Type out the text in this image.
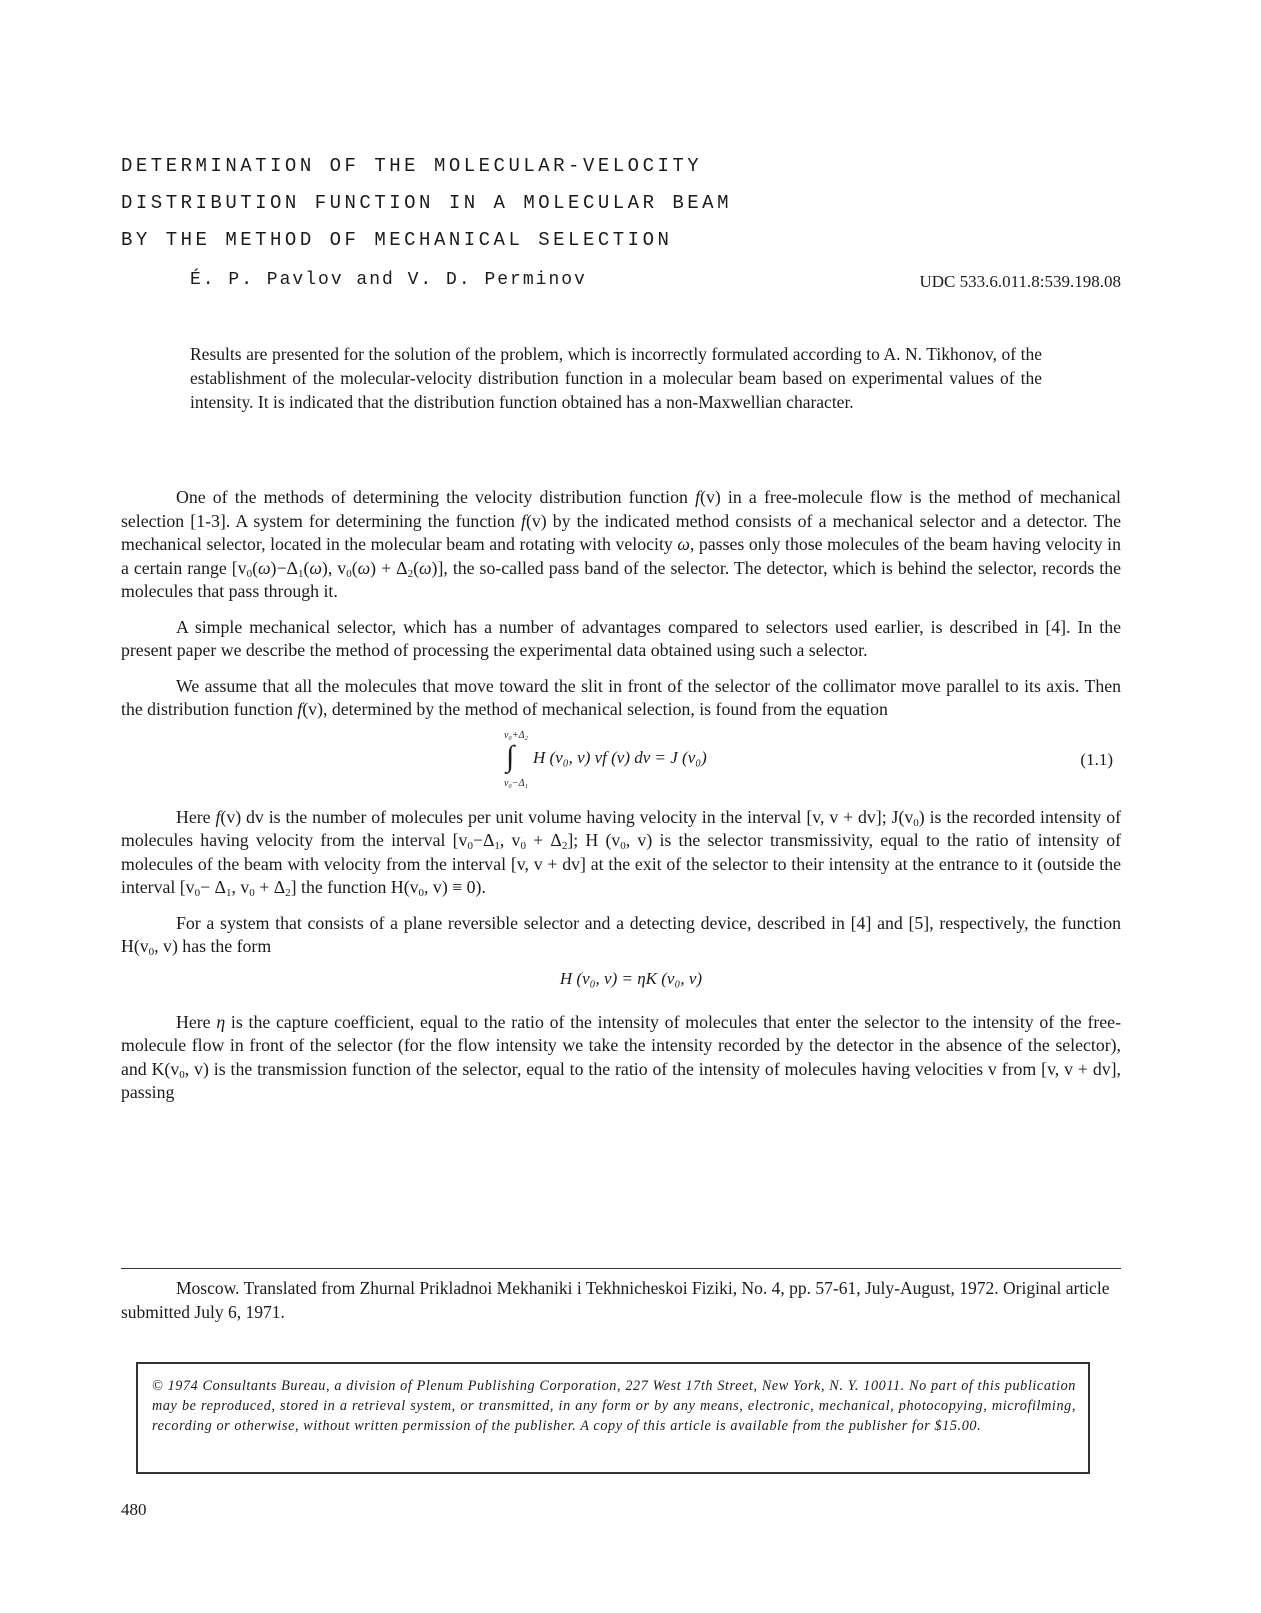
DETERMINATION OF THE MOLECULAR-VELOCITY
DISTRIBUTION FUNCTION IN A MOLECULAR BEAM
BY THE METHOD OF MECHANICAL SELECTION
É. P. Pavlov and V. D. Perminov	UDC 533.6.011.8:539.198.08

Results are presented for the solution of the problem, which is incorrectly formulated according to A. N. Tikhonov, of the establishment of the molecular-velocity distribution function in a molecular beam based on experimental values of the intensity. It is indicated that the distribution function obtained has a non-Maxwellian character.

One of the methods of determining the velocity distribution function f(v) in a free-molecule flow is the method of mechanical selection [1-3]. A system for determining the function f(v) by the indicated method consists of a mechanical selector and a detector. The mechanical selector, located in the molecular beam and rotating with velocity ω, passes only those molecules of the beam having velocity in a certain range [$v_0(\omega)-\Delta_1(\omega)$, $v_0(\omega) + \Delta_2(\omega)$], the so-called pass band of the selector. The detector, which is behind the selector, records the molecules that pass through it.

A simple mechanical selector, which has a number of advantages compared to selectors used earlier, is described in [4]. In the present paper we describe the method of processing the experimental data obtained using such a selector.

We assume that all the molecules that move toward the slit in front of the selector of the collimator move parallel to its axis. Then the distribution function f(v), determined by the method of mechanical selection, is found from the equation

v₀+Δ₂
∫
v₀−Δ₁
H (v₀, v) vf (v) dv = J (v₀)	(1.1)

Here f(v) dv is the number of molecules per unit volume having velocity in the interval [v, v + dv]; $J(v_0)$ is the recorded intensity of molecules having velocity from the interval [$v_0-\Delta_1$, $v_0 + \Delta_2$]; H ($v_0$, v) is the selector transmissivity, equal to the ratio of intensity of molecules of the beam with velocity from the interval [v, v + dv] at the exit of the selector to their intensity at the entrance to it (outside the interval [$v_0- \Delta_1$, $v_0 + \Delta_2$] the function $H(v_0$, v) ≡ 0).

For a system that consists of a plane reversible selector and a detecting device, described in [4] and [5], respectively, the function $H(v_0$, v) has the form

H (v₀, v) = ηK (v₀, v)

Here η is the capture coefficient, equal to the ratio of the intensity of molecules that enter the selector to the intensity of the free-molecule flow in front of the selector (for the flow intensity we take the intensity recorded by the detector in the absence of the selector), and $K(v_0$, v) is the transmission function of the selector, equal to the ratio of the intensity of molecules having velocities v from [v, v + dv], passing

Moscow. Translated from Zhurnal Prikladnoi Mekhaniki i Tekhnicheskoi Fiziki, No. 4, pp. 57-61, July-August, 1972. Original article submitted July 6, 1971.

© 1974 Consultants Bureau, a division of Plenum Publishing Corporation, 227 West 17th Street, New York, N. Y. 10011. No part of this publication may be reproduced, stored in a retrieval system, or transmitted, in any form or by any means, electronic, mechanical, photocopying, microfilming, recording or otherwise, without written permission of the publisher. A copy of this article is available from the publisher for $15.00.

480
